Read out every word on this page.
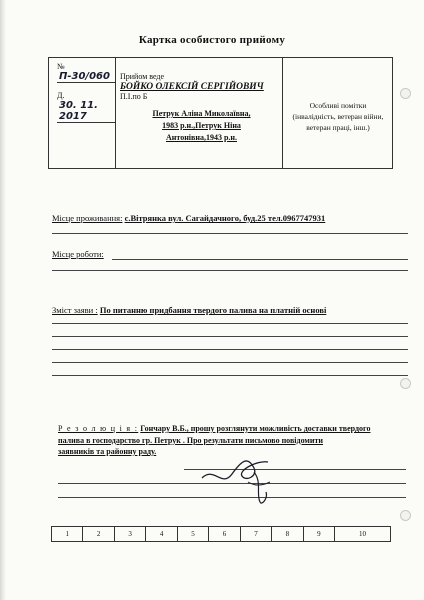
Картка особистого прийому
№
П-30/060
Д.
30. 11. 2017
Прийом веде
БОЙКО ОЛЕКСІЙ СЕРГІЙОВИЧ
П.І.по Б
Петрук Аліна Миколаївна,
1983 р.н.,Петрук Ніна
Антонівна,1943 р.н.
Особливі помітки
(інвалідність, ветеран війни,
ветеран праці, інш.)
Місце проживання: с.Вітрянка вул. Сагайдачного, буд.25 тел.0967747931
Місце роботи:
Зміст заяви : По питанню придбання твердого палива на платній основі
Р е з о л ю ц і я : Гончару В.Б., прошу розглянути можливість доставки твердого
палива в господарство гр. Петрук . Про результати письмово повідомити
заявників та районну раду.
1	2	3	4	5	6	7	8	9	10
